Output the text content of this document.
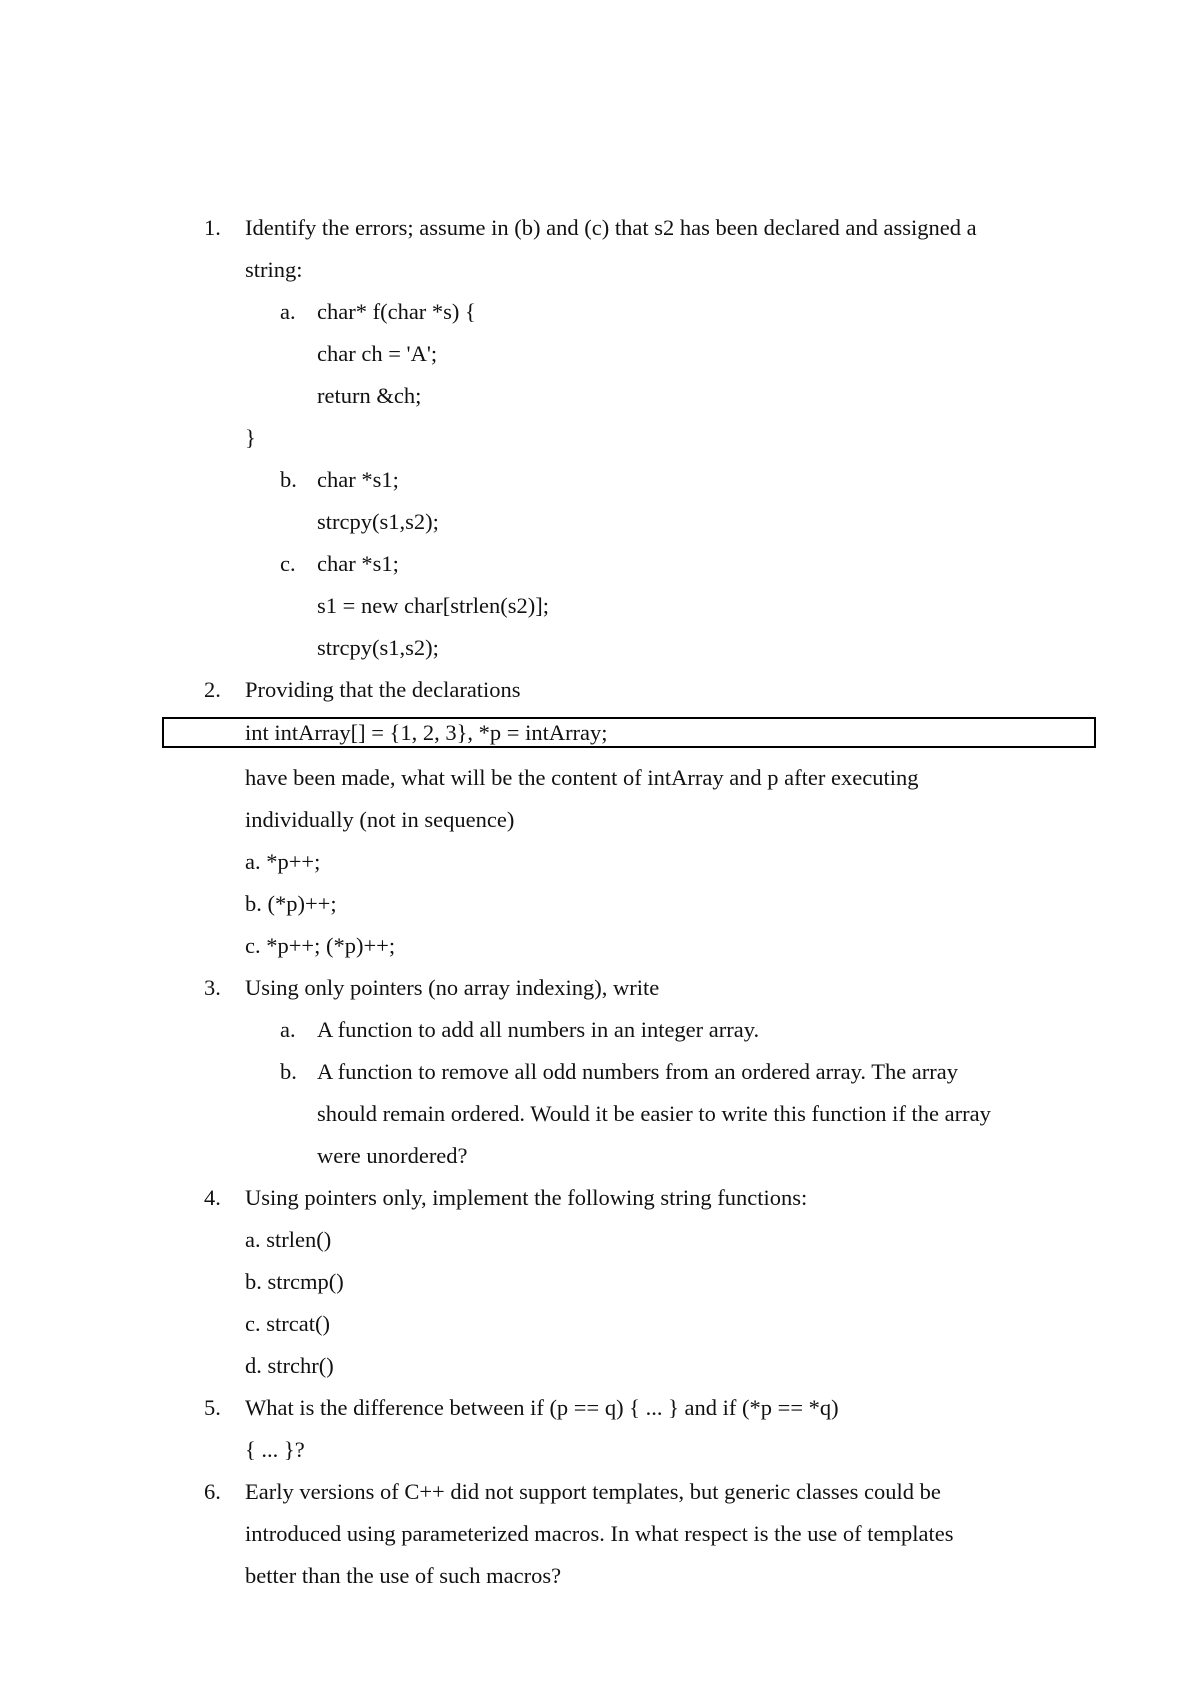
1. Identify the errors; assume in (b) and (c) that s2 has been declared and assigned a
string:
a. char* f(char *s) {
char ch = 'A';
return &ch;
}
b. char *s1;
strcpy(s1,s2);
c. char *s1;
s1 = new char[strlen(s2)];
strcpy(s1,s2);
2. Providing that the declarations
int intArray[] = {1, 2, 3}, *p = intArray;
have been made, what will be the content of intArray and p after executing
individually (not in sequence)
a. *p++;
b. (*p)++;
c. *p++; (*p)++;
3. Using only pointers (no array indexing), write
a. A function to add all numbers in an integer array.
b. A function to remove all odd numbers from an ordered array. The array
should remain ordered. Would it be easier to write this function if the array
were unordered?
4. Using pointers only, implement the following string functions:
a. strlen()
b. strcmp()
c. strcat()
d. strchr()
5. What is the difference between if (p == q) { ... } and if (*p == *q)
{ ... }?
6. Early versions of C++ did not support templates, but generic classes could be
introduced using parameterized macros. In what respect is the use of templates
better than the use of such macros?
